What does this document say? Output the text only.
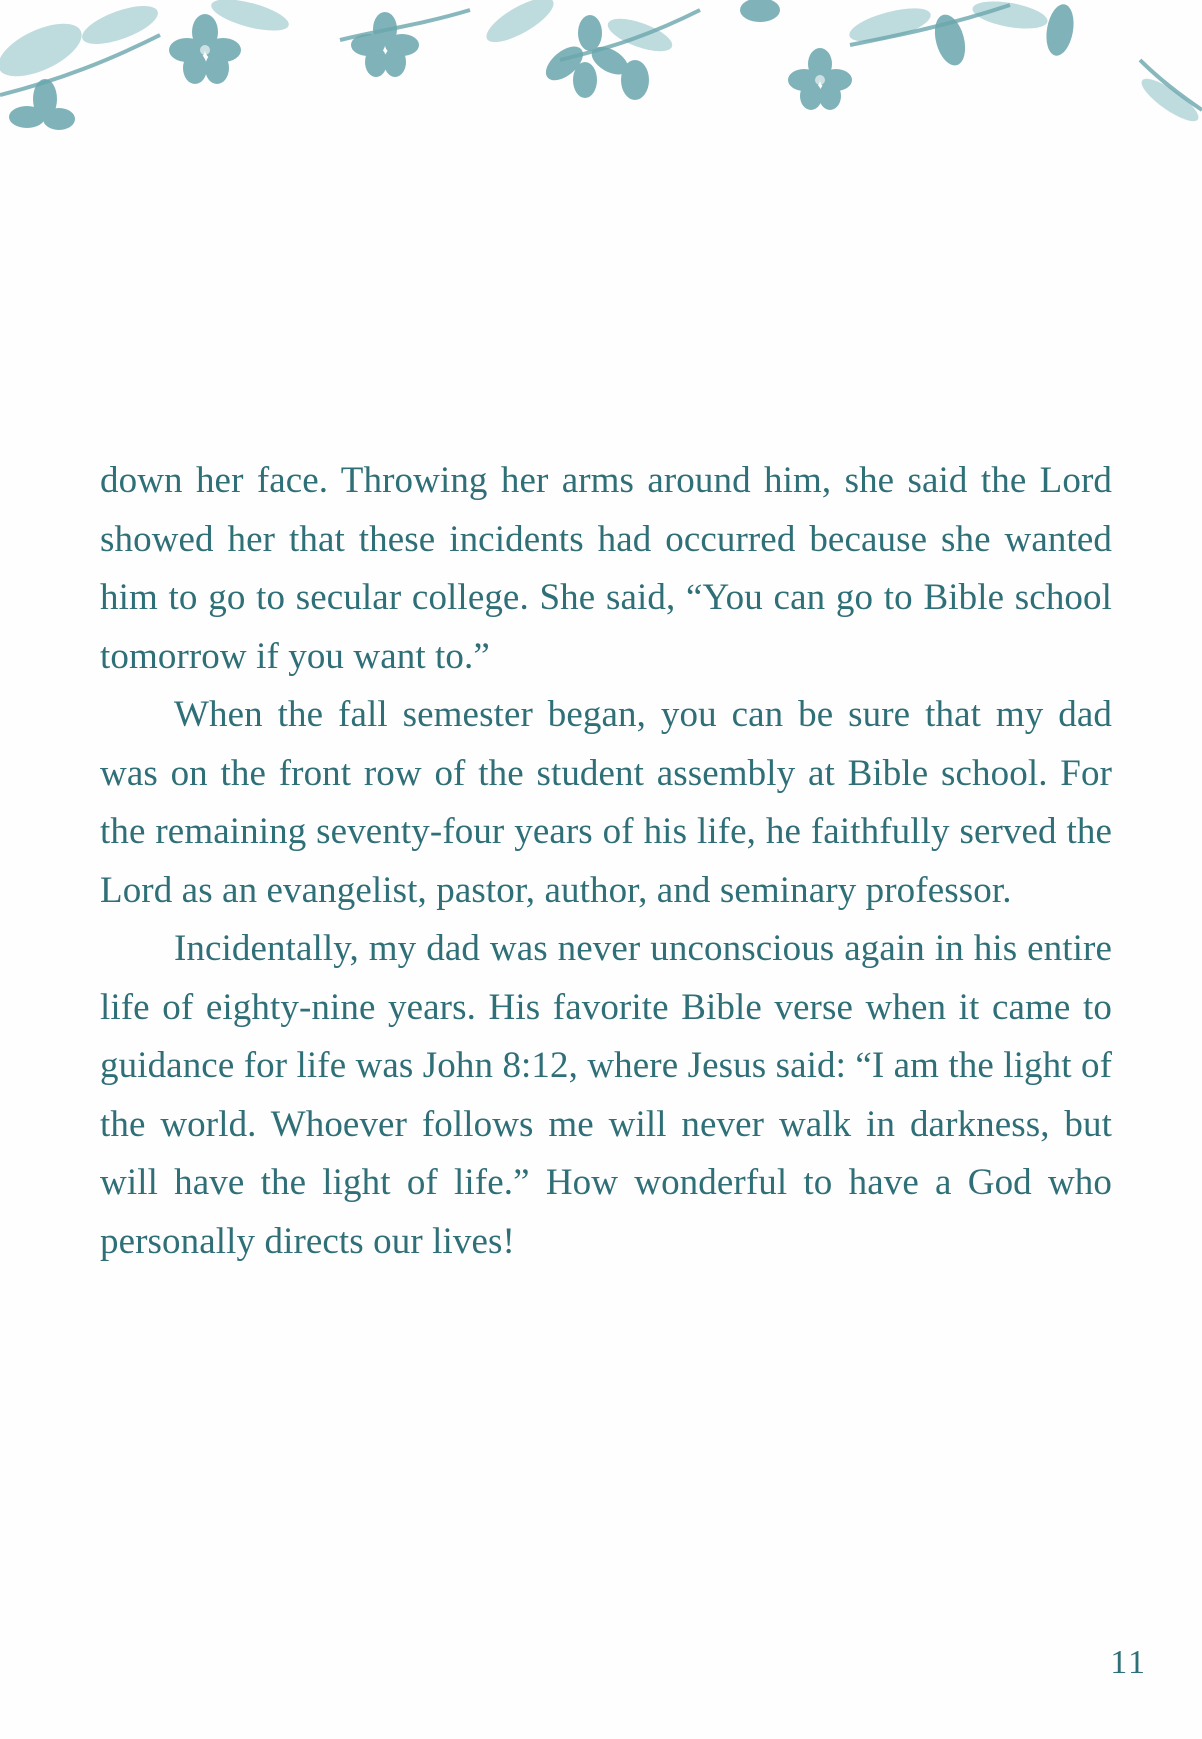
down her face. Throwing her arms around him, she said the Lord showed her that these incidents had occurred because she wanted him to go to secular college. She said, “You can go to Bible school tomorrow if you want to.”

When the fall semester began, you can be sure that my dad was on the front row of the student assembly at Bible school. For the remaining seventy-four years of his life, he faithfully served the Lord as an evangelist, pastor, author, and seminary professor.

Incidentally, my dad was never unconscious again in his entire life of eighty-nine years. His favorite Bible verse when it came to guidance for life was John 8:12, where Jesus said: “I am the light of the world. Whoever follows me will never walk in darkness, but will have the light of life.” How wonderful to have a God who personally directs our lives!

11
